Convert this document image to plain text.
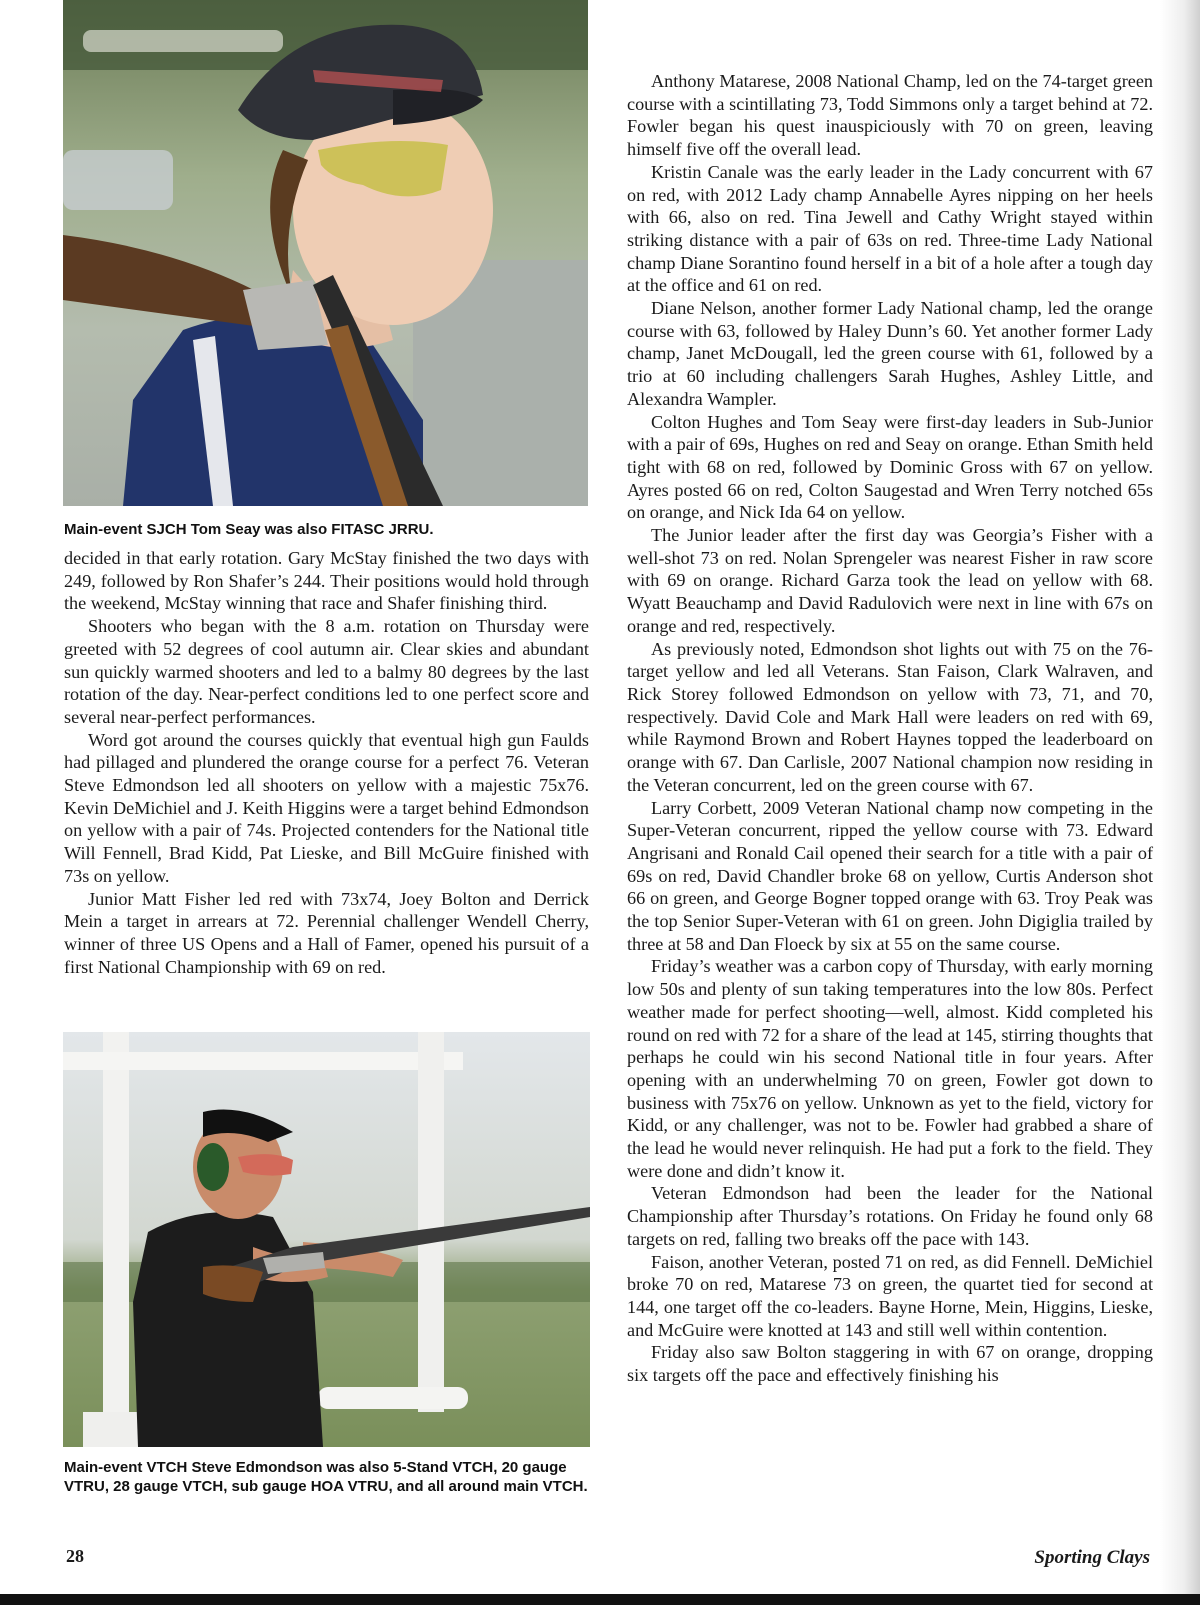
Main-event SJCH Tom Seay was also FITASC JRRU.

decided in that early rotation. Gary McStay finished the two days with 249, followed by Ron Shafer’s 244. Their positions would hold through the weekend, McStay winning that race and Shafer finishing third.

Shooters who began with the 8 a.m. rotation on Thursday were greeted with 52 degrees of cool autumn air. Clear skies and abundant sun quickly warmed shooters and led to a balmy 80 degrees by the last rotation of the day. Near-perfect conditions led to one perfect score and several near-perfect performances.

Word got around the courses quickly that eventual high gun Faulds had pillaged and plundered the orange course for a perfect 76. Veteran Steve Edmondson led all shooters on yellow with a majestic 75x76. Kevin DeMichiel and J. Keith Higgins were a target behind Edmondson on yellow with a pair of 74s. Projected contenders for the National title Will Fennell, Brad Kidd, Pat Lieske, and Bill McGuire finished with 73s on yellow.

Junior Matt Fisher led red with 73x74, Joey Bolton and Derrick Mein a target in arrears at 72. Perennial challenger Wendell Cherry, winner of three US Opens and a Hall of Famer, opened his pursuit of a first National Championship with 69 on red.

Main-event VTCH Steve Edmondson was also 5-Stand VTCH, 20 gauge VTRU, 28 gauge VTCH, sub gauge HOA VTRU, and all around main VTCH.

Anthony Matarese, 2008 National Champ, led on the 74-target green course with a scintillating 73, Todd Simmons only a target behind at 72. Fowler began his quest inauspiciously with 70 on green, leaving himself five off the overall lead.

Kristin Canale was the early leader in the Lady concurrent with 67 on red, with 2012 Lady champ Annabelle Ayres nipping on her heels with 66, also on red. Tina Jewell and Cathy Wright stayed within striking distance with a pair of 63s on red. Three-time Lady National champ Diane Sorantino found herself in a bit of a hole after a tough day at the office and 61 on red.

Diane Nelson, another former Lady National champ, led the orange course with 63, followed by Haley Dunn’s 60. Yet another former Lady champ, Janet McDougall, led the green course with 61, followed by a trio at 60 including challengers Sarah Hughes, Ashley Little, and Alexandra Wampler.

Colton Hughes and Tom Seay were first-day leaders in Sub-Junior with a pair of 69s, Hughes on red and Seay on orange. Ethan Smith held tight with 68 on red, followed by Dominic Gross with 67 on yellow. Ayres posted 66 on red, Colton Saugestad and Wren Terry notched 65s on orange, and Nick Ida 64 on yellow.

The Junior leader after the first day was Georgia’s Fisher with a well-shot 73 on red. Nolan Sprengeler was nearest Fisher in raw score with 69 on orange. Richard Garza took the lead on yellow with 68. Wyatt Beauchamp and David Radulovich were next in line with 67s on orange and red, respectively.

As previously noted, Edmondson shot lights out with 75 on the 76-target yellow and led all Veterans. Stan Faison, Clark Walraven, and Rick Storey followed Edmondson on yellow with 73, 71, and 70, respectively. David Cole and Mark Hall were leaders on red with 69, while Raymond Brown and Robert Haynes topped the leaderboard on orange with 67. Dan Carlisle, 2007 National champion now residing in the Veteran concurrent, led on the green course with 67.

Larry Corbett, 2009 Veteran National champ now competing in the Super-Veteran concurrent, ripped the yellow course with 73. Edward Angrisani and Ronald Cail opened their search for a title with a pair of 69s on red, David Chandler broke 68 on yellow, Curtis Anderson shot 66 on green, and George Bogner topped orange with 63. Troy Peak was the top Senior Super-Veteran with 61 on green. John Digiglia trailed by three at 58 and Dan Floeck by six at 55 on the same course.

Friday’s weather was a carbon copy of Thursday, with early morning low 50s and plenty of sun taking temperatures into the low 80s. Perfect weather made for perfect shooting—well, almost. Kidd completed his round on red with 72 for a share of the lead at 145, stirring thoughts that perhaps he could win his second National title in four years. After opening with an underwhelming 70 on green, Fowler got down to business with 75x76 on yellow. Unknown as yet to the field, victory for Kidd, or any challenger, was not to be. Fowler had grabbed a share of the lead he would never relinquish. He had put a fork to the field. They were done and didn’t know it.

Veteran Edmondson had been the leader for the National Championship after Thursday’s rotations. On Friday he found only 68 targets on red, falling two breaks off the pace with 143.

Faison, another Veteran, posted 71 on red, as did Fennell. DeMichiel broke 70 on red, Matarese 73 on green, the quartet tied for second at 144, one target off the co-leaders. Bayne Horne, Mein, Higgins, Lieske, and McGuire were knotted at 143 and still well within contention.

Friday also saw Bolton staggering in with 67 on orange, dropping six targets off the pace and effectively finishing his

28	Sporting Clays
